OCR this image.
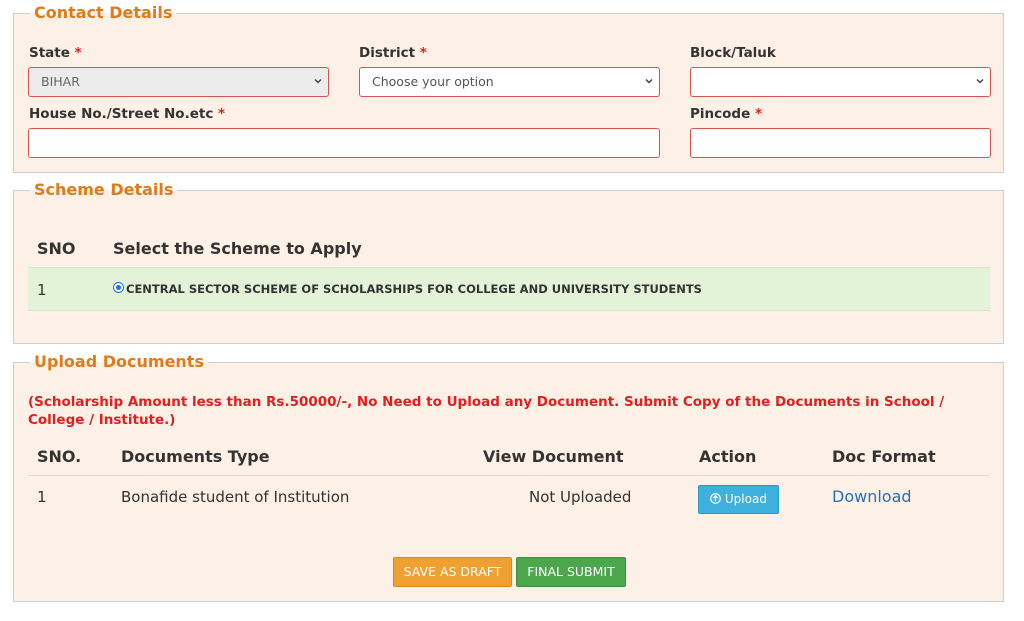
Contact Details
State *
BIHAR
District *
Choose your option
Block/Taluk
House No./Street No.etc *	Pincode *
Scheme Details
SNO Select the Scheme to Apply
1	CENTRAL SECTOR SCHEME OF SCHOLARSHIPS FOR COLLEGE AND UNIVERSITY STUDENTS
Upload Documents
(Scholarship Amount less than Rs.50000/-, No Need to Upload any Document. Submit Copy of the Documents in School / College / Institute.)
SNO. Documents Type	View Document	Action	Doc Format
1	Bonafide student of Institution	Not Uploaded	Upload	Download
SAVE AS DRAFT	FINAL SUBMIT
